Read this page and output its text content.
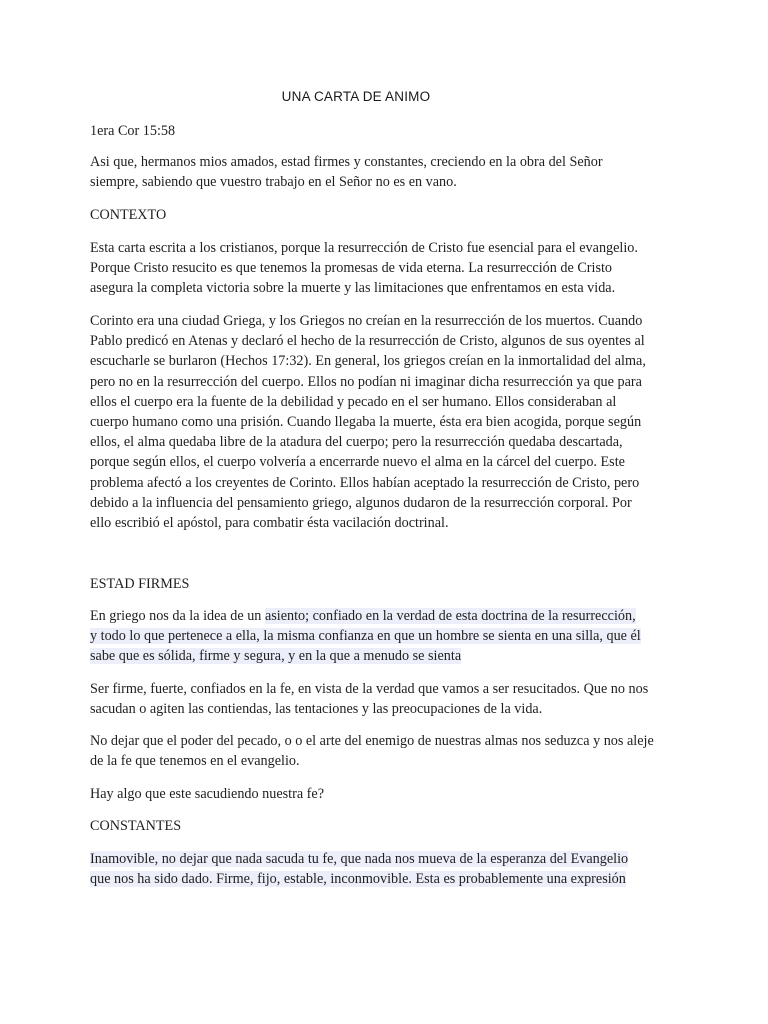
UNA CARTA DE ANIMO

1era Cor 15:58

Asi que, hermanos mios amados, estad firmes y constantes, creciendo en la obra del Señor
siempre, sabiendo que vuestro trabajo en el Señor no es en vano.

CONTEXTO

Esta carta escrita a los cristianos, porque la resurrección de Cristo fue esencial para el evangelio.
Porque Cristo resucito es que tenemos la promesas de vida eterna. La resurrección de Cristo
asegura la completa victoria sobre la muerte y las limitaciones que enfrentamos en esta vida.
Corinto era una ciudad Griega, y los Griegos no creían en la resurrección de los muertos. Cuando
Pablo predicó en Atenas y declaró el hecho de la resurrección de Cristo, algunos de sus oyentes al
escucharle se burlaron (Hechos 17:32). En general, los griegos creían en la inmortalidad del alma,
pero no en la resurrección del cuerpo. Ellos no podían ni imaginar dicha resurrección ya que para
ellos el cuerpo era la fuente de la debilidad y pecado en el ser humano. Ellos consideraban al
cuerpo humano como una prisión. Cuando llegaba la muerte, ésta era bien acogida, porque según
ellos, el alma quedaba libre de la atadura del cuerpo; pero la resurrección quedaba descartada,
porque según ellos, el cuerpo volvería a encerrarde nuevo el alma en la cárcel del cuerpo. Este
problema afectó a los creyentes de Corinto. Ellos habían aceptado la resurrección de Cristo, pero
debido a la influencia del pensamiento griego, algunos dudaron de la resurrección corporal. Por
ello escribió el apóstol, para combatir ésta vacilación doctrinal.

ESTAD FIRMES

En griego nos da la idea de un asiento; confiado en la verdad de esta doctrina de la resurrección,
y todo lo que pertenece a ella, la misma confianza en que un hombre se sienta en una silla, que él
sabe que es sólida, firme y segura, y en la que a menudo se sienta
Ser firme, fuerte, confiados en la fe, en vista de la verdad que vamos a ser resucitados. Que no nos
sacudan o agiten las contiendas, las tentaciones y las preocupaciones de la vida.
No dejar que el poder del pecado, o o el arte del enemigo de nuestras almas nos seduzca y nos aleje
de la fe que tenemos en el evangelio.

Hay algo que este sacudiendo nuestra fe?

CONSTANTES

Inamovible, no dejar que nada sacuda tu fe, que nada nos mueva de la esperanza del Evangelio
que nos ha sido dado. Firme, fijo, estable, inconmovible. Esta es probablemente una expresión
